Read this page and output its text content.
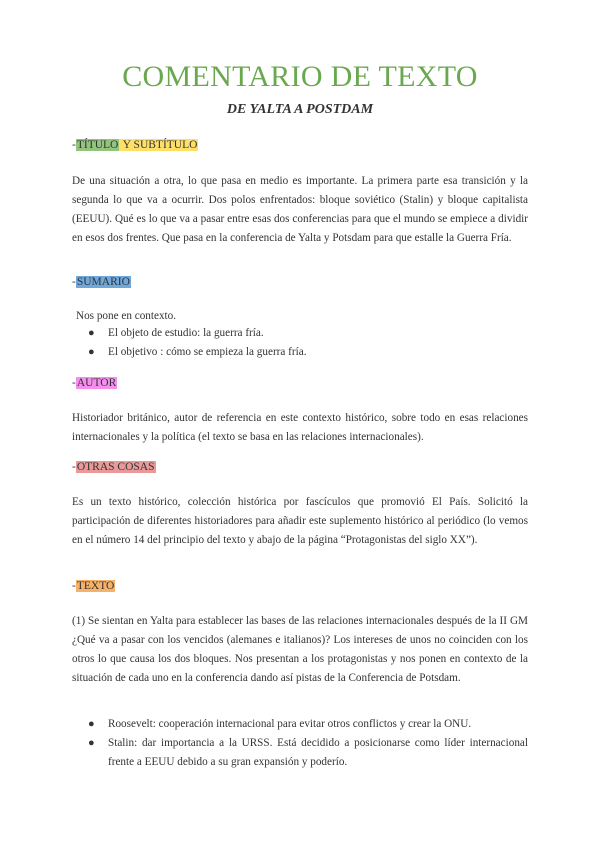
COMENTARIO DE TEXTO
DE YALTA A POSTDAM
-TÍTULO Y SUBTÍTULO

De una situación a otra, lo que pasa en medio es importante. La primera parte esa transición y la segunda lo que va a ocurrir. Dos polos enfrentados: bloque soviético (Stalin) y bloque capitalista (EEUU). Qué es lo que va a pasar entre esas dos conferencias para que el mundo se empiece a dividir en esos dos frentes. Que pasa en la conferencia de Yalta y Potsdam para que estalle la Guerra Fría.

-SUMARIO

Nos pone en contexto.

● El objeto de estudio: la guerra fría.
● El objetivo : cómo se empieza la guerra fría.
-AUTOR

Historiador británico, autor de referencia en este contexto histórico, sobre todo en esas relaciones internacionales y la política (el texto se basa en las relaciones internacionales).

-OTRAS COSAS

Es un texto histórico, colección histórica por fascículos que promovió El País. Solicitó la participación de diferentes historiadores para añadir este suplemento histórico al periódico (lo vemos en el número 14 del principio del texto y abajo de la página “Protagonistas del siglo XX”).

-TEXTO

(1) Se sientan en Yalta para establecer las bases de las relaciones internacionales después de la II GM ¿Qué va a pasar con los vencidos (alemanes e italianos)? Los intereses de unos no coinciden con los otros lo que causa los dos bloques. Nos presentan a los protagonistas y nos ponen en contexto de la situación de cada uno en la conferencia dando así pistas de la Conferencia de Potsdam.

● Roosevelt: cooperación internacional para evitar otros conflictos y crear la ONU.
● Stalin: dar importancia a la URSS. Está decidido a posicionarse como líder internacional frente a EEUU debido a su gran expansión y poderío.
